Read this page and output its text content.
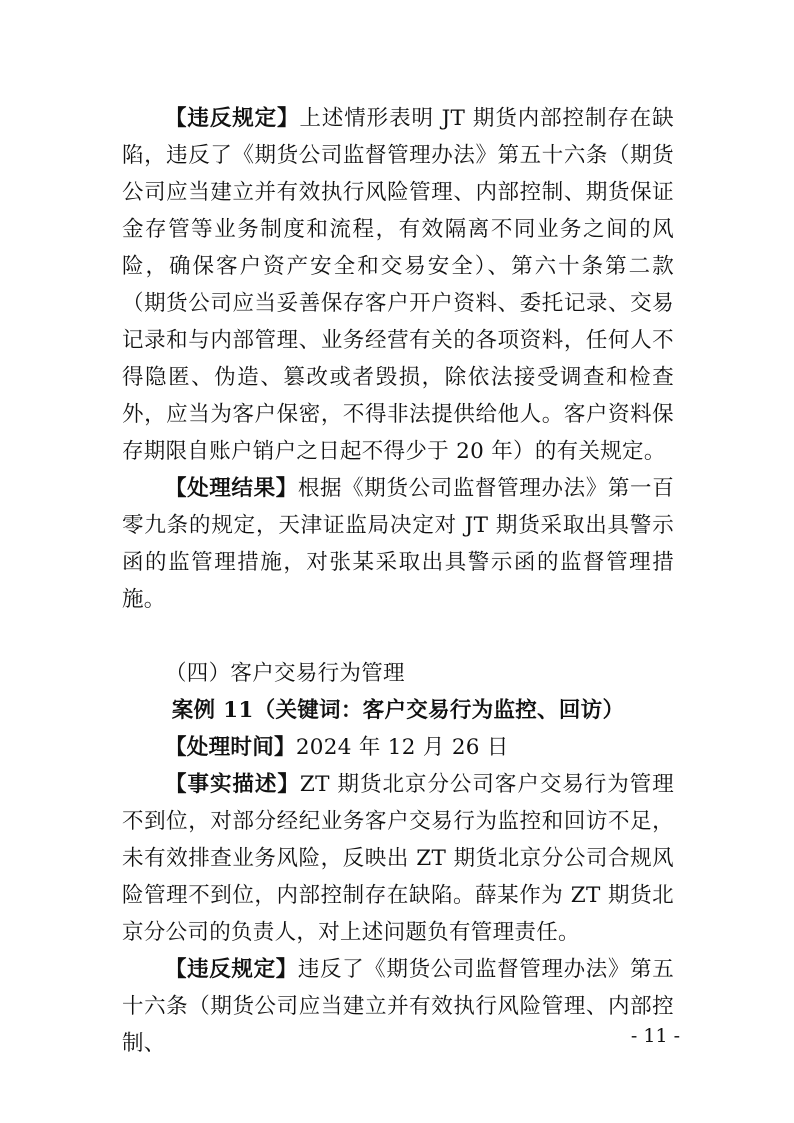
【违反规定】上述情形表明 JT 期货内部控制存在缺陷，违反了《期货公司监督管理办法》第五十六条（期货公司应当建立并有效执行风险管理、内部控制、期货保证金存管等业务制度和流程，有效隔离不同业务之间的风险，确保客户资产安全和交易安全）、第六十条第二款（期货公司应当妥善保存客户开户资料、委托记录、交易记录和与内部管理、业务经营有关的各项资料，任何人不得隐匿、伪造、篡改或者毁损，除依法接受调查和检查外，应当为客户保密，不得非法提供给他人。客户资料保存期限自账户销户之日起不得少于 20 年）的有关规定。

【处理结果】根据《期货公司监督管理办法》第一百零九条的规定，天津证监局决定对 JT 期货采取出具警示函的监管理措施，对张某采取出具警示函的监督管理措施。

（四）客户交易行为管理

案例 11（关键词：客户交易行为监控、回访）

【处理时间】2024 年 12 月 26 日

【事实描述】ZT 期货北京分公司客户交易行为管理不到位，对部分经纪业务客户交易行为监控和回访不足，未有效排查业务风险，反映出 ZT 期货北京分公司合规风险管理不到位，内部控制存在缺陷。薛某作为 ZT 期货北京分公司的负责人，对上述问题负有管理责任。

【违反规定】违反了《期货公司监督管理办法》第五十六条（期货公司应当建立并有效执行风险管理、内部控制、	- 11 -
